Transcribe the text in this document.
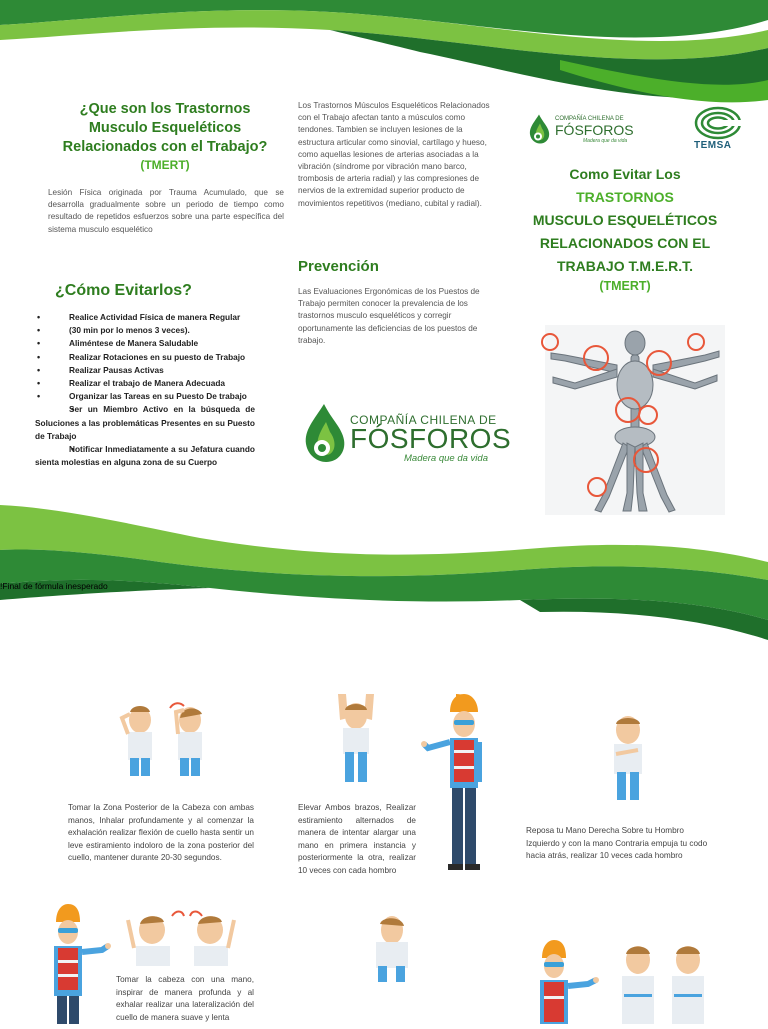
¿Que son los Trastornos
Musculo Esqueléticos
Relacionados con el Trabajo?
(TMERT)
Lesión Física originada por Trauma Acumulado, que se desarrolla gradualmente sobre un periodo de tiempo como resultado de repetidos esfuerzos sobre una parte específica del sistema musculo esquelético
¿Cómo Evitarlos?
• Realice Actividad Física de manera Regular
• (30 min por lo menos 3 veces).
• Aliméntese de Manera Saludable
• Realizar Rotaciones en su puesto de Trabajo
• Realizar Pausas Activas
• Realizar el trabajo de Manera Adecuada
• Organizar las Tareas en su Puesto De trabajo
• Ser un Miembro Activo en la búsqueda de Soluciones a las problemáticas Presentes en su Puesto de Trabajo
• Notificar Inmediatamente a su Jefatura cuando sienta molestias en alguna zona de su Cuerpo
Los Trastornos Músculos Esqueléticos Relacionados con el Trabajo afectan tanto a músculos como tendones. Tambien se incluyen lesiones de la estructura articular como sinovial, cartílago y hueso, como aquellas lesiones de arterias asociadas a la vibración (síndrome por vibración mano barco, trombosis de arteria radial) y las compresiones de nervios de la extremidad superior producto de movimientos repetitivos (mediano, cubital y radial).
Prevención
Las Evaluaciones Ergonómicas de los Puestos de Trabajo permiten conocer la prevalencia de los trastornos musculo esqueléticos y corregir oportunamente las deficiencias de los puestos de trabajo.
COMPAÑÍA CHILENA DE
FÓSFOROS
Madera que da vida
COMPAÑÍA CHILENA DE
FÓSFOROS
Madera que da vida	TEMSA
Como Evitar Los
TRASTORNOS
MUSCULO ESQUELÉTICOS
RELACIONADOS CON EL
TRABAJO T.M.E.R.T.
(TMERT)
!Final de fórmula inesperado
Tomar la Zona Posterior de la Cabeza con ambas manos, Inhalar profundamente y al comenzar la exhalación realizar flexión de cuello hasta sentir un leve estiramiento indoloro de la zona posterior del cuello, mantener durante 20-30 segundos.
Elevar Ambos brazos, Realizar estiramiento alternados de manera de intentar alargar una mano en primera instancia y posteriormente la otra, realizar 10 veces con cada hombro
Reposa tu Mano Derecha Sobre tu Hombro Izquierdo y con la mano Contraria empuja tu codo hacia atrás, realizar 10 veces cada hombro
Tomar la cabeza con una mano, inspirar de manera profunda y al exhalar realizar una lateralización del cuello de manera suave y lenta
